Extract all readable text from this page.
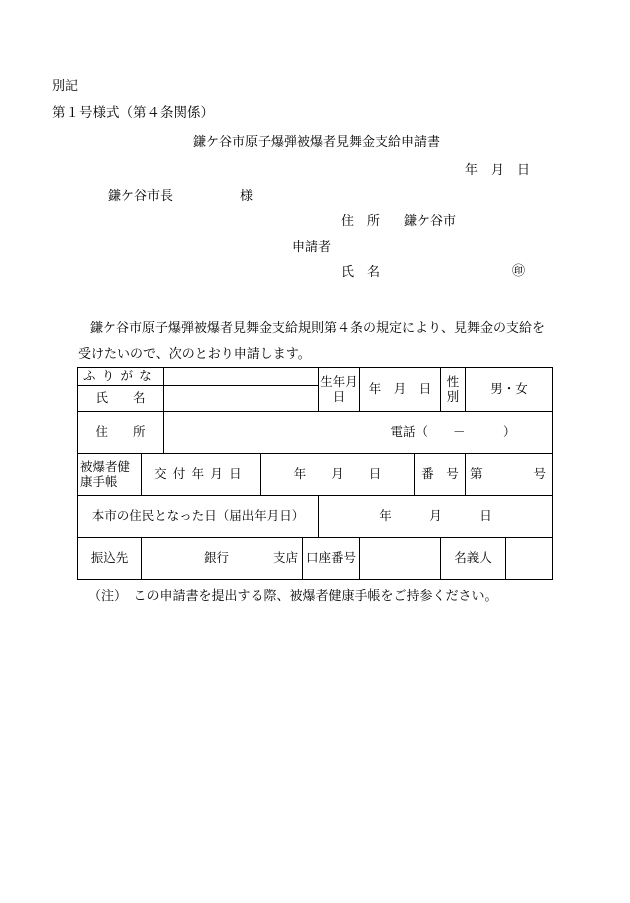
別記
第１号様式（第４条関係）
鎌ケ谷市原子爆弾被爆者見舞金支給申請書
年　月　日
鎌ケ谷市長	様
住　所 鎌ケ谷市
申請者
氏　名	㊞
鎌ケ谷市原子爆弾被爆者見舞金支給規則第４条の規定により、見舞金の支給を
受けたいので、次のとおり申請します。
ふりがな					生年月日	年　月　日		性別	男・女	
氏　　名										
住　　所		電話（　　－　　　）								
被爆者健康手帳	交付年月日		年　　月　　日				番　号		第 号	

本市の住民となった日（届出年月日）					年　　　月　　　日					
振込先	銀行 支店			口座番号				名義人		
（注）　この申請書を提出する際、被爆者健康手帳をご持参ください。
